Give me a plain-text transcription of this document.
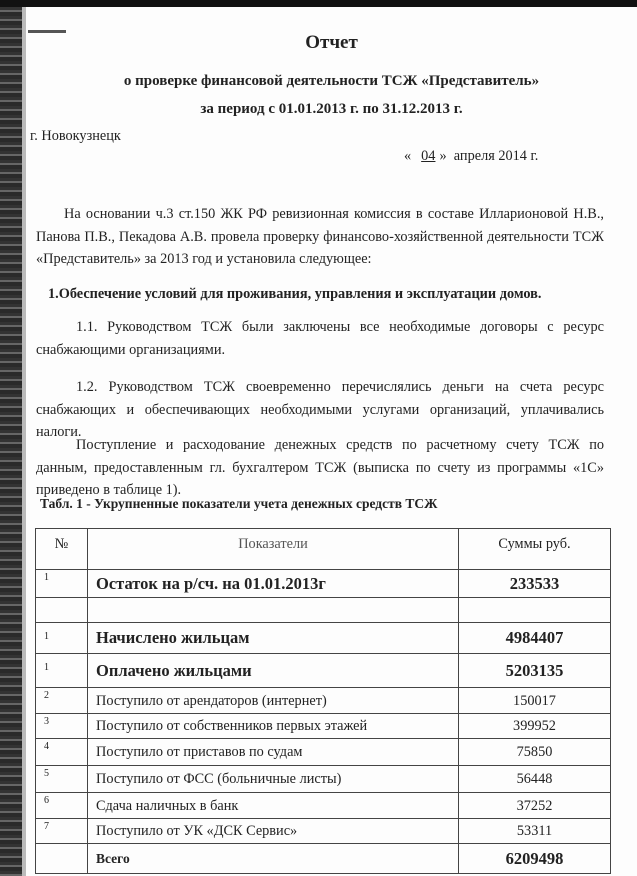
Отчет
о проверке финансовой деятельности ТСЖ «Представитель»
за период с 01.01.2013 г. по 31.12.2013 г.
г. Новокузнецк
« 04 » апреля 2014 г.
На основании ч.3 ст.150 ЖК РФ ревизионная комиссия в составе Илларионовой Н.В., Панова П.В., Пекадова А.В. провела проверку финансово-хозяйственной деятельности ТСЖ «Представитель» за 2013 год и установила следующее:
1.Обеспечение условий для проживания, управления и эксплуатации домов.
1.1. Руководством ТСЖ были заключены все необходимые договоры с ресурс снабжающими организациями.
1.2. Руководством ТСЖ своевременно перечислялись деньги на счета ресурс снабжающих и обеспечивающих необходимыми услугами организаций, уплачивались налоги.
Поступление и расходование денежных средств по расчетному счету ТСЖ по данным, предоставленным гл. бухгалтером ТСЖ (выписка по счету из программы «1С» приведено в таблице 1).
Табл. 1 - Укрупненные показатели учета денежных средств ТСЖ
№	Показатели	Суммы руб.
1	Остаток на р/сч. на 01.01.2013г	233533

1	Начислено жильцам	4984407
1	Оплачено жильцами	5203135
2	Поступило от арендаторов (интернет)	150017
3	Поступило от собственников первых этажей	399952
4	Поступило от приставов по судам	75850
5	Поступило от ФСС (больничные листы)	56448
6	Сдача наличных в банк	37252
7	Поступило от УК «ДСК Сервис»	53311
	Всего	6209498
